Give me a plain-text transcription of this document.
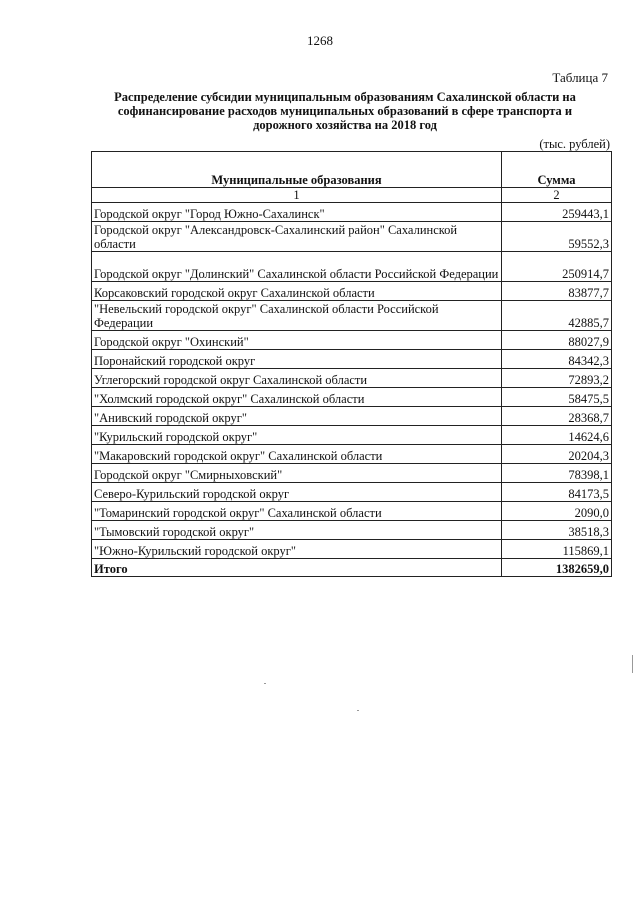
1268
Таблица 7
Распределение субсидии муниципальным образованиям Сахалинской области на софинансирование расходов муниципальных образований в сфере транспорта и дорожного хозяйства на 2018 год
(тыс. рублей)
Муниципальные образования	Сумма
1	2
Городской округ "Город Южно-Сахалинск"	259443,1
Городской округ "Александровск-Сахалинский район" Сахалинской области	59552,3
Городской округ "Долинский" Сахалинской области Российской Федерации	250914,7
Корсаковский городской округ Сахалинской области	83877,7
"Невельский городской округ" Сахалинской области Российской Федерации	42885,7
Городской округ "Охинский"	88027,9
Поронайский городской округ	84342,3
Углегорский городской округ Сахалинской области	72893,2
"Холмский городской округ" Сахалинской области	58475,5
"Анивский городской округ"	28368,7
"Курильский городской округ"	14624,6
"Макаровский городской округ" Сахалинской области	20204,3
Городской округ "Смирныховский"	78398,1
Северо-Курильский городской округ	84173,5
"Томаринский городской округ" Сахалинской области	2090,0
"Тымовский городской округ"	38518,3
"Южно-Курильский городской округ"	115869,1
Итого	1382659,0
